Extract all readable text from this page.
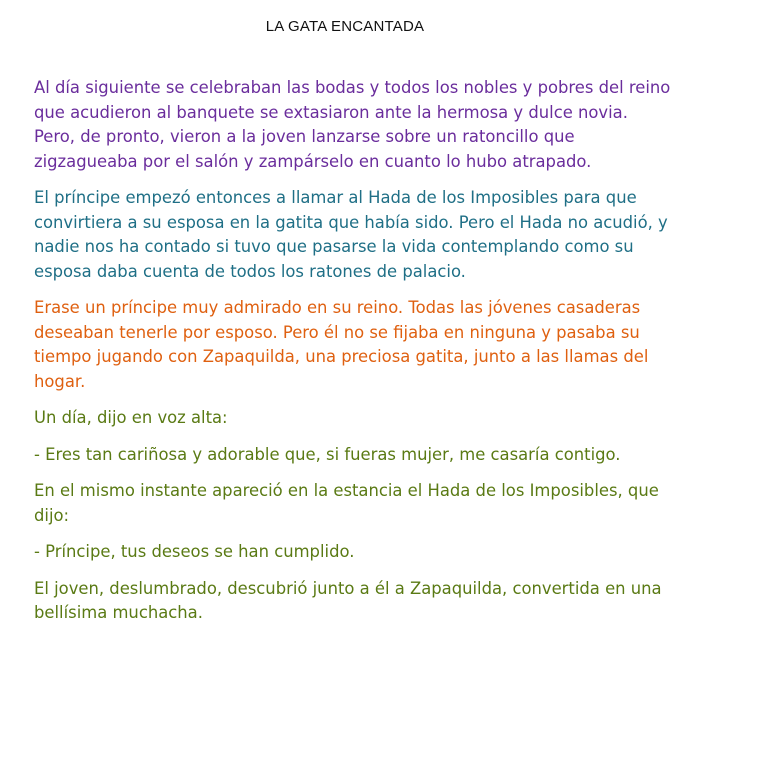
LA GATA ENCANTADA

Al día siguiente se celebraban las bodas y todos los nobles y pobres del reino que acudieron al banquete se extasiaron ante la hermosa y dulce novia. Pero, de pronto, vieron a la joven lanzarse sobre un ratoncillo que zigzagueaba por el salón y zampárselo en cuanto lo hubo atrapado.

El príncipe empezó entonces a llamar al Hada de los Imposibles para que convirtiera a su esposa en la gatita que había sido. Pero el Hada no acudió, y nadie nos ha contado si tuvo que pasarse la vida contemplando como su esposa daba cuenta de todos los ratones de palacio.

Erase un príncipe muy admirado en su reino. Todas las jóvenes casaderas deseaban tenerle por esposo. Pero él no se fijaba en ninguna y pasaba su tiempo jugando con Zapaquilda, una preciosa gatita, junto a las llamas del hogar.

Un día, dijo en voz alta:

- Eres tan cariñosa y adorable que, si fueras mujer, me casaría contigo.

En el mismo instante apareció en la estancia el Hada de los Imposibles, que dijo:

- Príncipe, tus deseos se han cumplido.

El joven, deslumbrado, descubrió junto a él a Zapaquilda, convertida en una bellísima muchacha.
